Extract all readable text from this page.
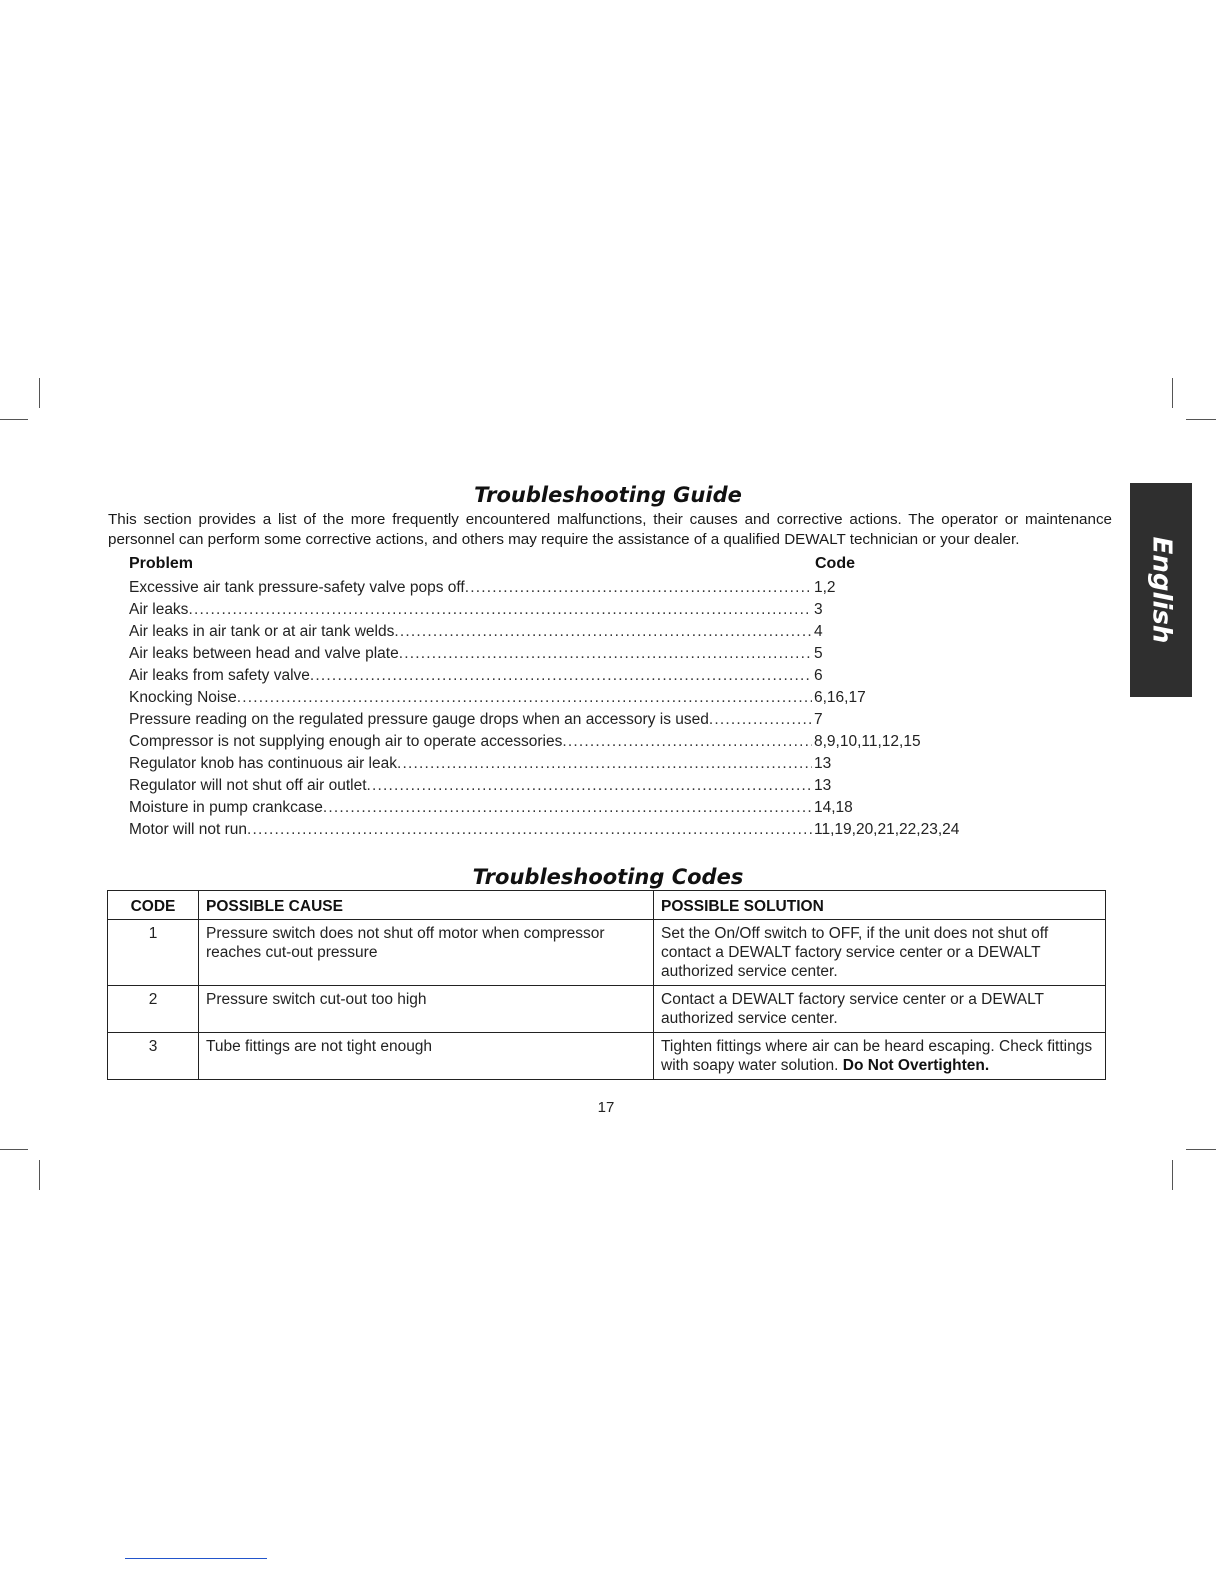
Troubleshooting Guide

This section provides a list of the more frequently encountered malfunctions, their causes and corrective actions. The operator or maintenance personnel can perform some corrective actions, and others may require the assistance of a qualified DEWALT technician or your dealer.

Problem	Code
Excessive air tank pressure-safety valve pops off .....	1,2
Air leaks .....	3
Air leaks in air tank or at air tank welds .....	4
Air leaks between head and valve plate .....	5
Air leaks from safety valve .....	6
Knocking Noise .....	6,16,17
Pressure reading on the regulated pressure gauge drops when an accessory is used .....	7
Compressor is not supplying enough air to operate accessories .....	8,9,10,11,12,15
Regulator knob has continuous air leak .....	13
Regulator will not shut off air outlet .....	13
Moisture in pump crankcase .....	14,18
Motor will not run .....	11,19,20,21,22,23,24
English
Troubleshooting Codes
CODE	POSSIBLE CAUSE	POSSIBLE SOLUTION
1	Pressure switch does not shut off motor when compressor reaches cut-out pressure	Set the On/Off switch to OFF, if the unit does not shut off contact a DEWALT factory service center or a DEWALT authorized service center.
2	Pressure switch cut-out too high	Contact a DEWALT factory service center or a DEWALT authorized service center.
3	Tube fittings are not tight enough	Tighten fittings where air can be heard escaping. Check fittings with soapy water solution. Do Not Overtighten.
17
